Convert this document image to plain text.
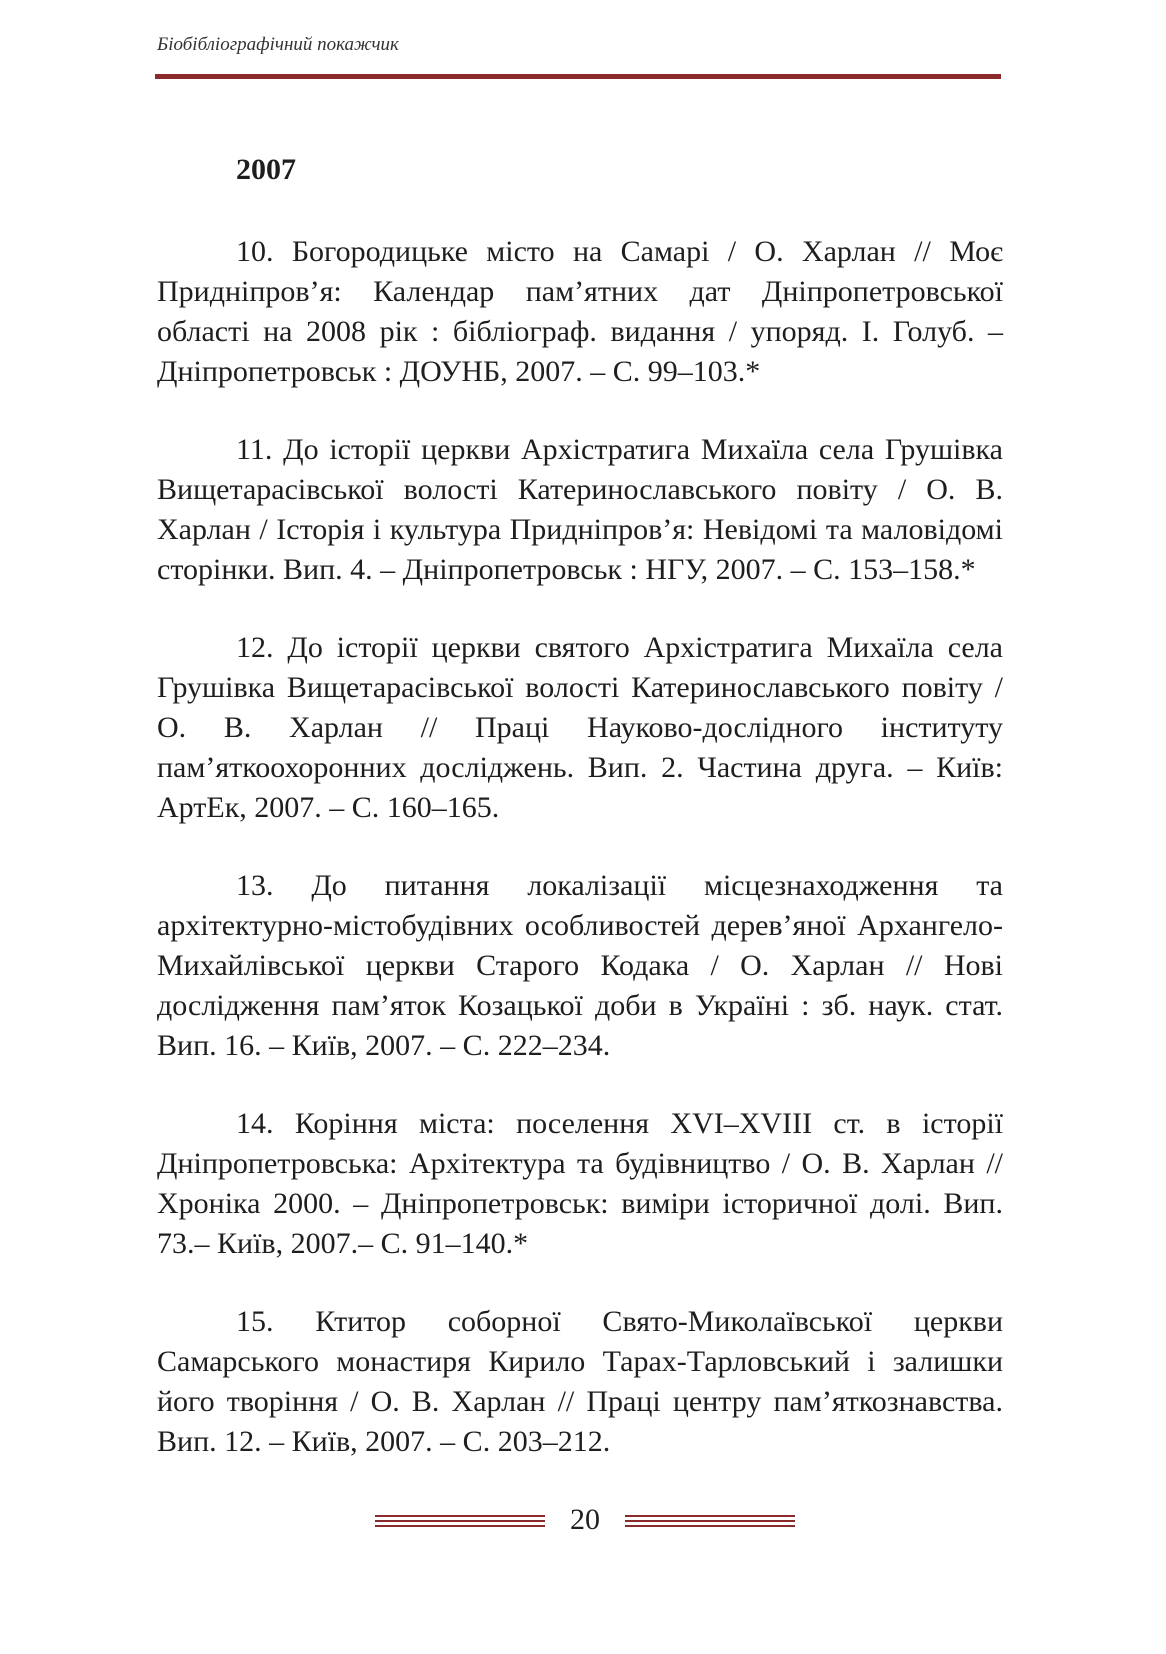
Біобібліографічний покажчик
2007

10. Богородицьке місто на Самарі / О. Харлан // Моє Придніпров’я: Календар пам’ятних дат Дніпропетровської області на 2008 рік : бібліограф. видання / упоряд. І. Голуб. – Дніпропетровськ : ДОУНБ, 2007. – С. 99–103.*

11. До історії церкви Архістратига Михаїла села Грушівка Вищетарасівської волості Катеринославського повіту / О. В. Харлан / Історія і культура Придніпров’я: Невідомі та маловідомі сторінки. Вип. 4. – Дніпропетровськ : НГУ, 2007. – С. 153–158.*

12. До історії церкви святого Архістратига Михаїла села Грушівка Вищетарасівської волості Катеринославського повіту / О. В. Харлан // Праці Науково-дослідного інституту пам’яткоохоронних досліджень. Вип. 2. Частина друга. – Київ: АртЕк, 2007. – С. 160–165.

13. До питання локалізації місцезнаходження та архітектурно-містобудівних особливостей дерев’яної Архангело-Михайлівської церкви Старого Кодака / О. Харлан // Нові дослідження пам’яток Козацької доби в Україні : зб. наук. стат. Вип. 16. – Київ, 2007. – С. 222–234.

14. Коріння міста: поселення XVI–XVIII ст. в історії Дніпропетровська: Архітектура та будівництво / О. В. Харлан // Хроніка 2000. – Дніпропетровськ: виміри історичної долі. Вип. 73.– Київ, 2007.– С. 91–140.*

15. Ктитор соборної Свято-Миколаївської церкви Самарського монастиря Кирило Тарах-Тарловський і залишки його творіння / О. В. Харлан // Праці центру пам’яткознавства. Вип. 12. – Київ, 2007. – С. 203–212.

20
